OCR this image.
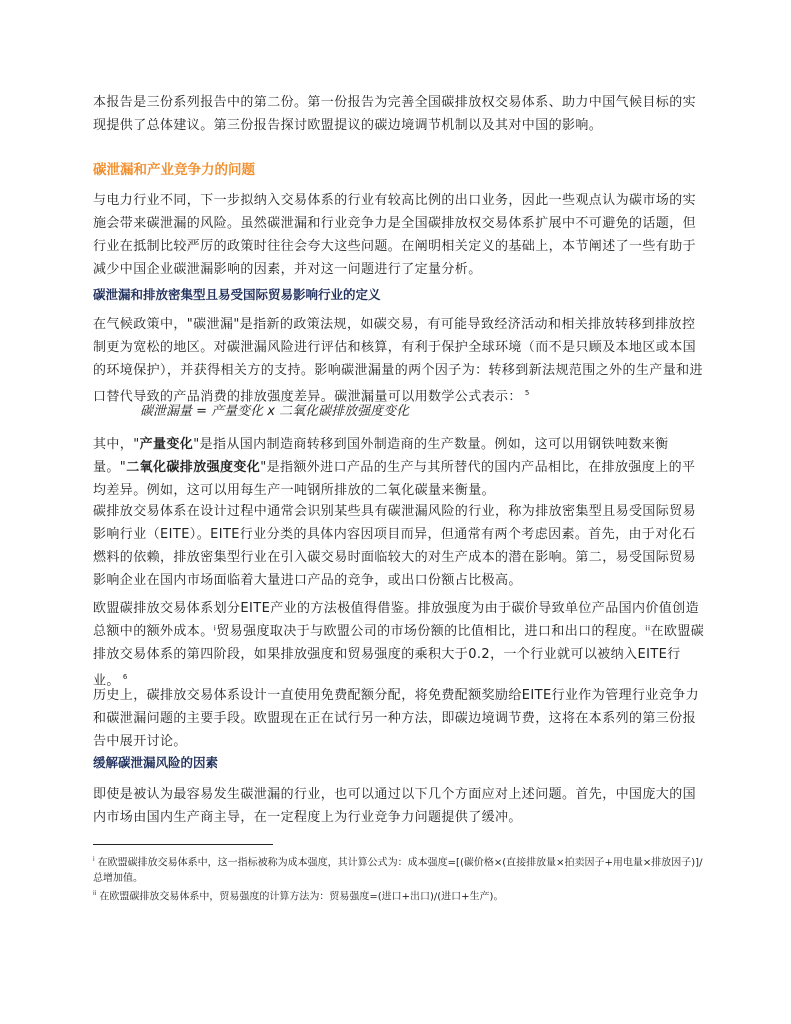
本报告是三份系列报告中的第二份。第一份报告为完善全国碳排放权交易体系、助力中国气候目标的实现提供了总体建议。第三份报告探讨欧盟提议的碳边境调节机制以及其对中国的影响。

碳泄漏和产业竞争力的问题

与电力行业不同，下一步拟纳入交易体系的行业有较高比例的出口业务，因此一些观点认为碳市场的实施会带来碳泄漏的风险。虽然碳泄漏和行业竞争力是全国碳排放权交易体系扩展中不可避免的话题，但行业在抵制比较严厉的政策时往往会夸大这些问题。在阐明相关定义的基础上，本节阐述了一些有助于减少中国企业碳泄漏影响的因素，并对这一问题进行了定量分析。

碳泄漏和排放密集型且易受国际贸易影响行业的定义

在气候政策中，"碳泄漏"是指新的政策法规，如碳交易，有可能导致经济活动和相关排放转移到排放控制更为宽松的地区。对碳泄漏风险进行评估和核算，有利于保护全球环境（而不是只顾及本地区或本国的环境保护），并获得相关方的支持。影响碳泄漏量的两个因子为：转移到新法规范围之外的生产量和进口替代导致的产品消费的排放强度差异。碳泄漏量可以用数学公式表示： $^5$

碳泄漏量 = 产量变化 x 二氧化碳排放强度变化

其中，"产量变化"是指从国内制造商转移到国外制造商的生产数量。例如，这可以用钢铁吨数来衡量。"二氧化碳排放强度变化"是指额外进口产品的生产与其所替代的国内产品相比，在排放强度上的平均差异。例如，这可以用每生产一吨钢所排放的二氧化碳量来衡量。

碳排放交易体系在设计过程中通常会识别某些具有碳泄漏风险的行业，称为排放密集型且易受国际贸易影响行业（EITE）。EITE行业分类的具体内容因项目而异，但通常有两个考虑因素。首先，由于对化石燃料的依赖，排放密集型行业在引入碳交易时面临较大的对生产成本的潜在影响。第二，易受国际贸易影响企业在国内市场面临着大量进口产品的竞争，或出口份额占比极高。

欧盟碳排放交易体系划分EITE产业的方法极值得借鉴。排放强度为由于碳价导致单位产品国内价值创造总额中的额外成本。ⁱ贸易强度取决于与欧盟公司的市场份额的比值相比，进口和出口的程度。ⁱⁱ在欧盟碳排放交易体系的第四阶段，如果排放强度和贸易强度的乘积大于0.2，一个行业就可以被纳入EITE行业。 $^6$

历史上，碳排放交易体系设计一直使用免费配额分配，将免费配额奖励给EITE行业作为管理行业竞争力和碳泄漏问题的主要手段。欧盟现在正在试行另一种方法，即碳边境调节费，这将在本系列的第三份报告中展开讨论。

缓解碳泄漏风险的因素

即使是被认为最容易发生碳泄漏的行业，也可以通过以下几个方面应对上述问题。首先，中国庞大的国内市场由国内生产商主导，在一定程度上为行业竞争力问题提供了缓冲。

$^i$ 在欧盟碳排放交易体系中，这一指标被称为成本强度，其计算公式为：成本强度=[(碳价格×(直接排放量×拍卖因子+用电量×排放因子)]/总增加值。

$^{ii}$ 在欧盟碳排放交易体系中，贸易强度的计算方法为：贸易强度=(进口+出口)/(进口+生产)。
